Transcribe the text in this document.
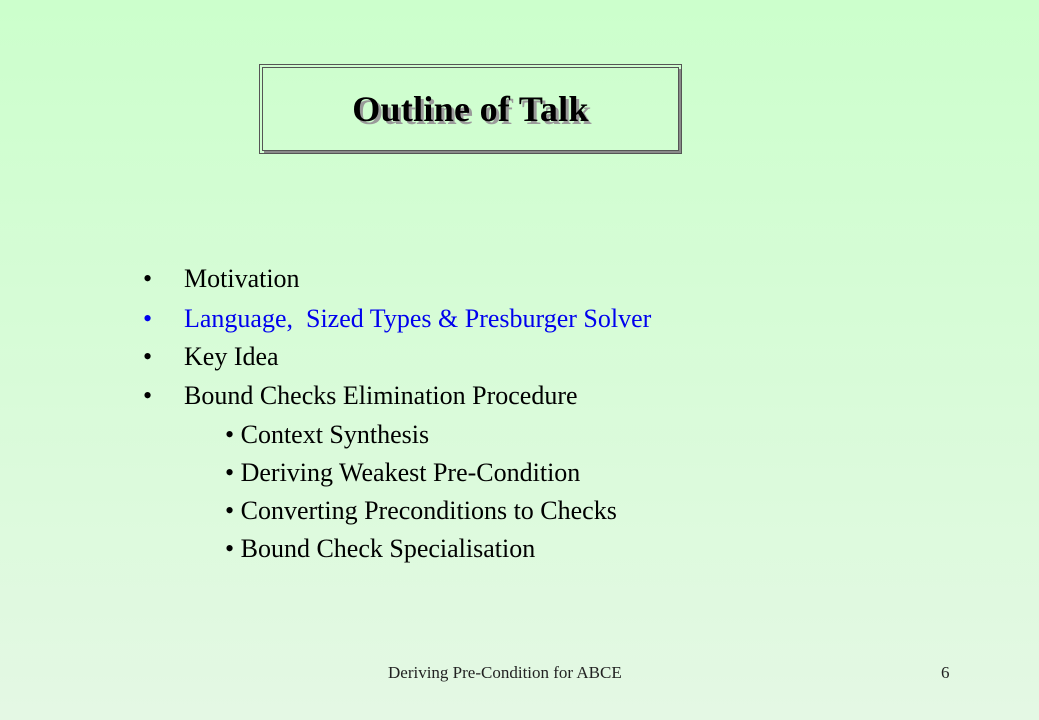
Outline of Talk
• Motivation
• Language,  Sized Types & Presburger Solver
• Key Idea
• Bound Checks Elimination Procedure
• Context Synthesis
• Deriving Weakest Pre-Condition
• Converting Preconditions to Checks
• Bound Check Specialisation
Deriving Pre-Condition for ABCE	6
